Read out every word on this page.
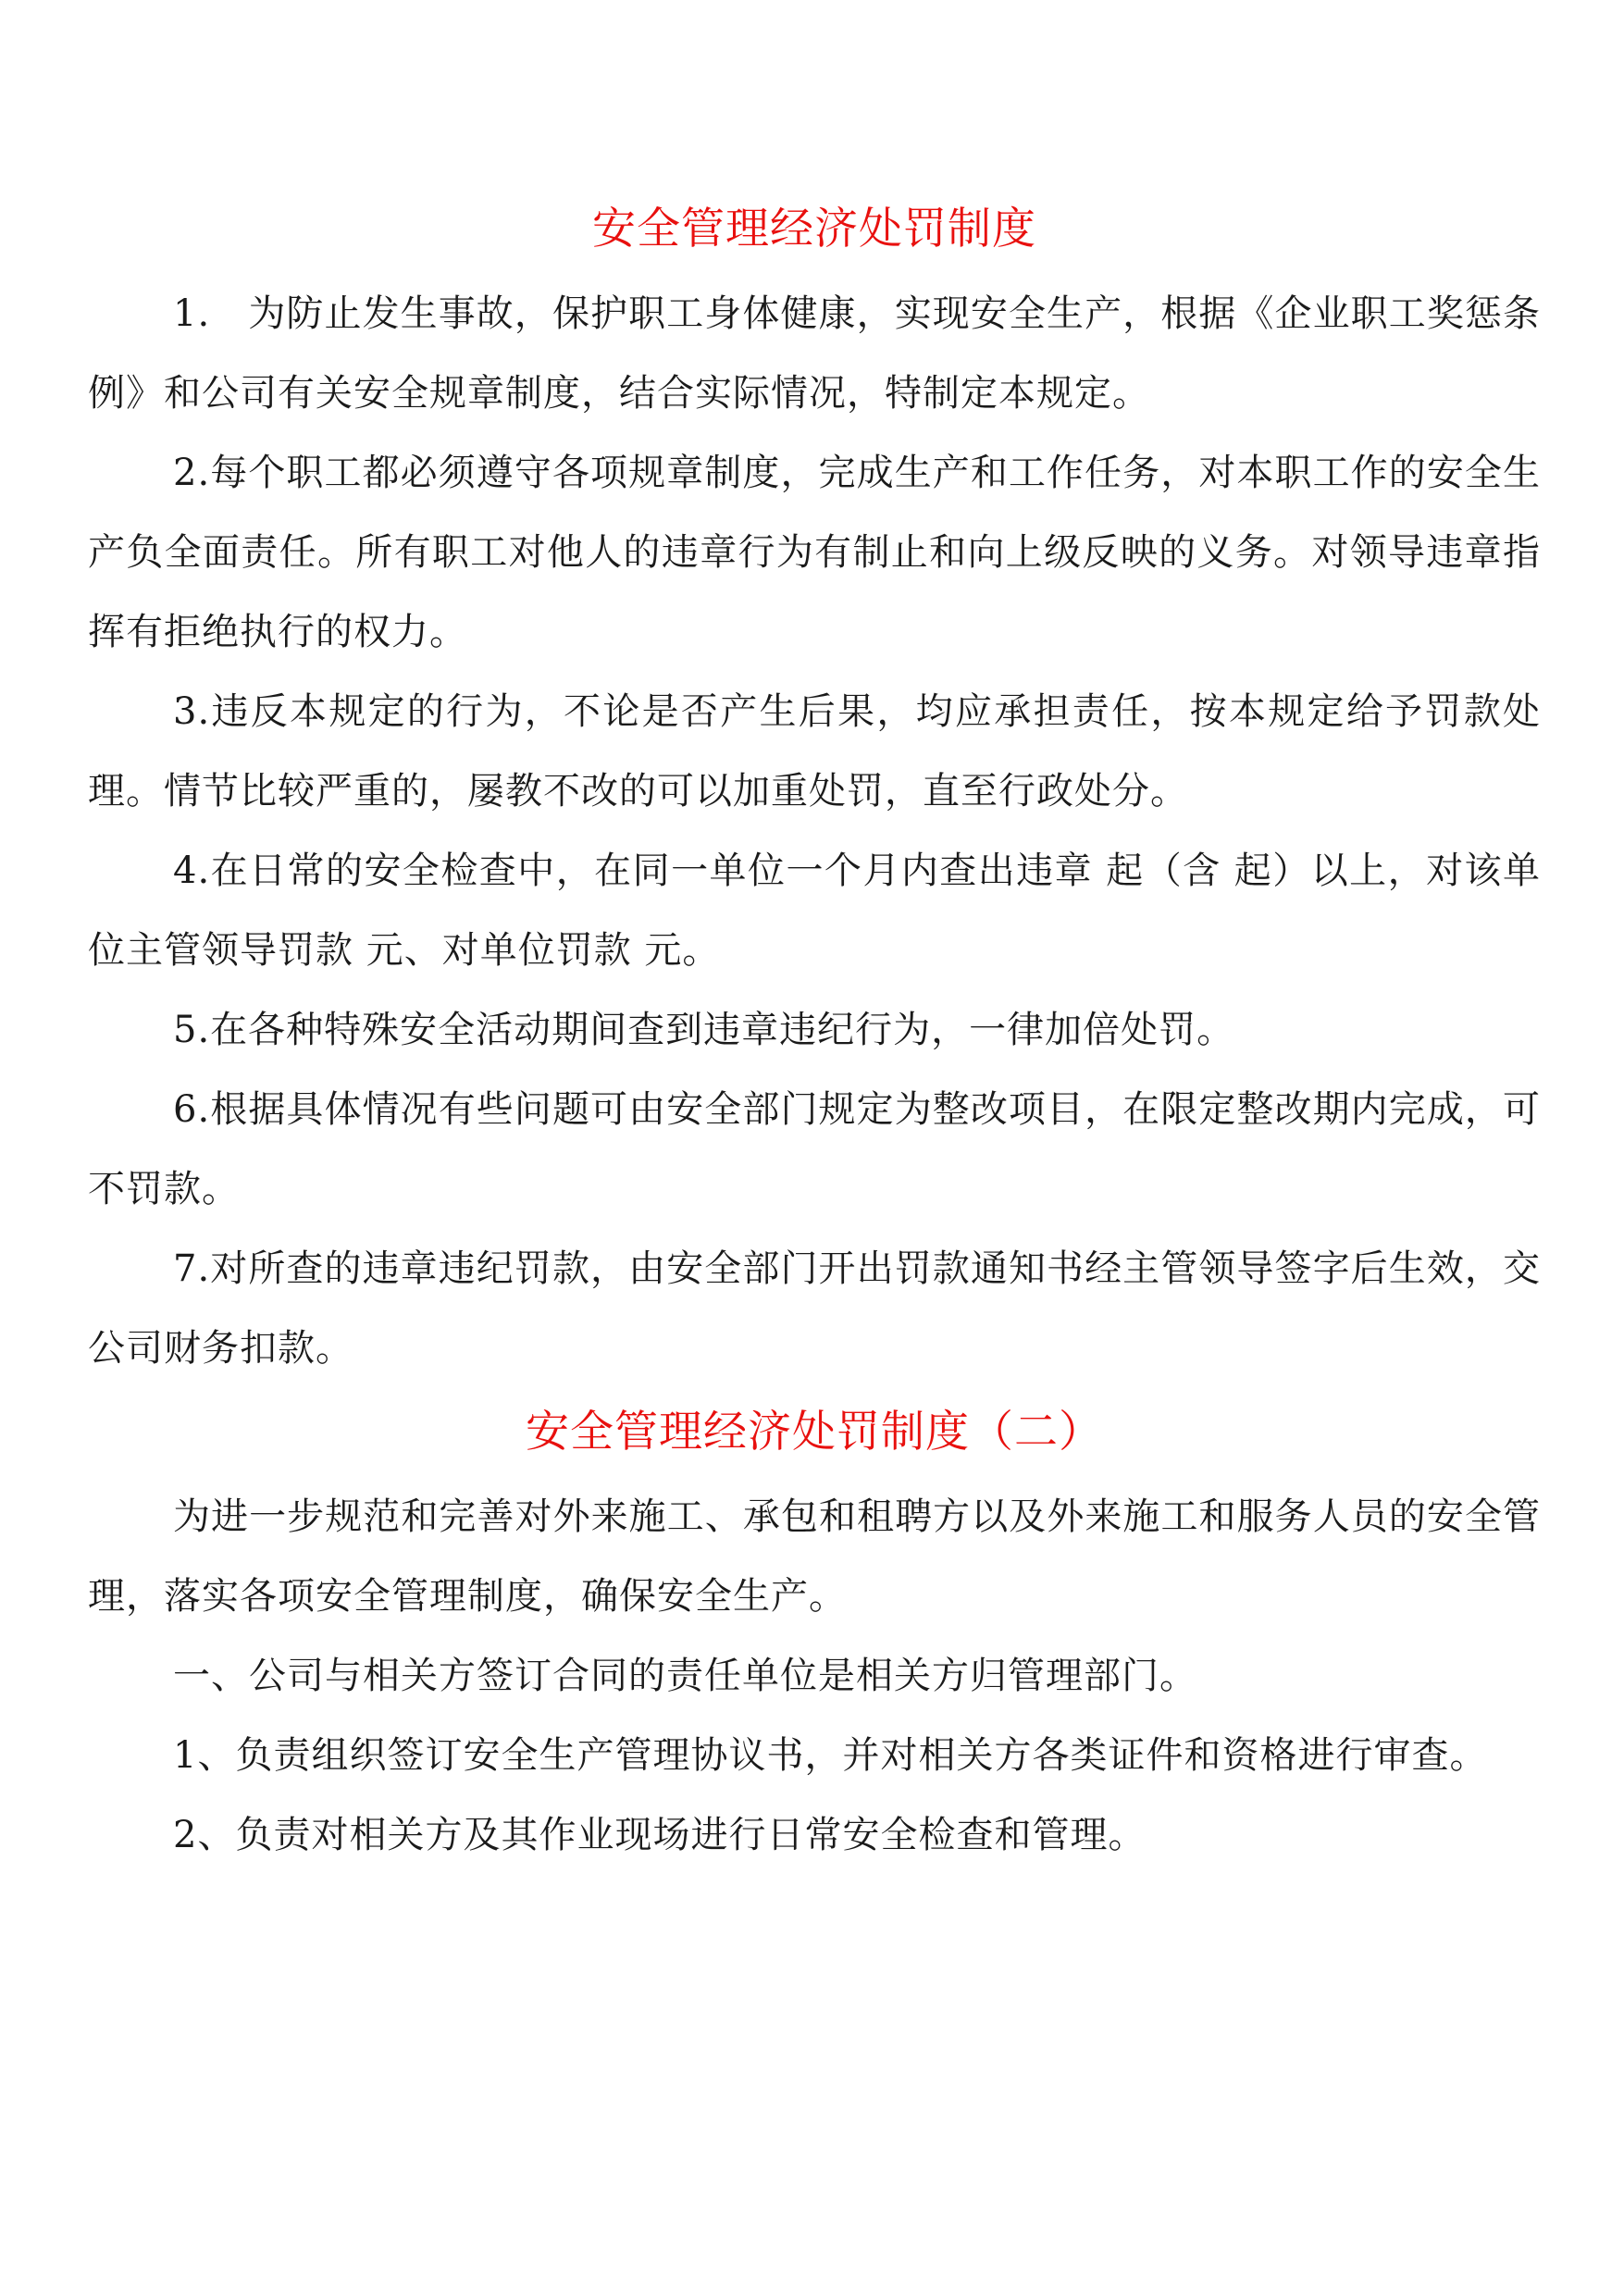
安全管理经济处罚制度

1.　为防止发生事故，保护职工身体健康，实现安全生产，根据《企业职工奖惩条例》和公司有关安全规章制度，结合实际情况，特制定本规定。

2.每个职工都必须遵守各项规章制度，完成生产和工作任务，对本职工作的安全生产负全面责任。所有职工对他人的违章行为有制止和向上级反映的义务。对领导违章指挥有拒绝执行的权力。

3.违反本规定的行为，不论是否产生后果，均应承担责任，按本规定给予罚款处理。情节比较严重的，屡教不改的可以加重处罚，直至行政处分。

4.在日常的安全检查中，在同一单位一个月内查出违章 起（含 起）以上，对该单位主管领导罚款 元、对单位罚款 元。

5.在各种特殊安全活动期间查到违章违纪行为，一律加倍处罚。

6.根据具体情况有些问题可由安全部门规定为整改项目，在限定整改期内完成，可不罚款。

7.对所查的违章违纪罚款，由安全部门开出罚款通知书经主管领导签字后生效，交公司财务扣款。

安全管理经济处罚制度（二）

为进一步规范和完善对外来施工、承包和租聘方以及外来施工和服务人员的安全管理，落实各项安全管理制度，确保安全生产。

一、公司与相关方签订合同的责任单位是相关方归管理部门。

1、负责组织签订安全生产管理协议书，并对相关方各类证件和资格进行审查。

2、负责对相关方及其作业现场进行日常安全检查和管理。
